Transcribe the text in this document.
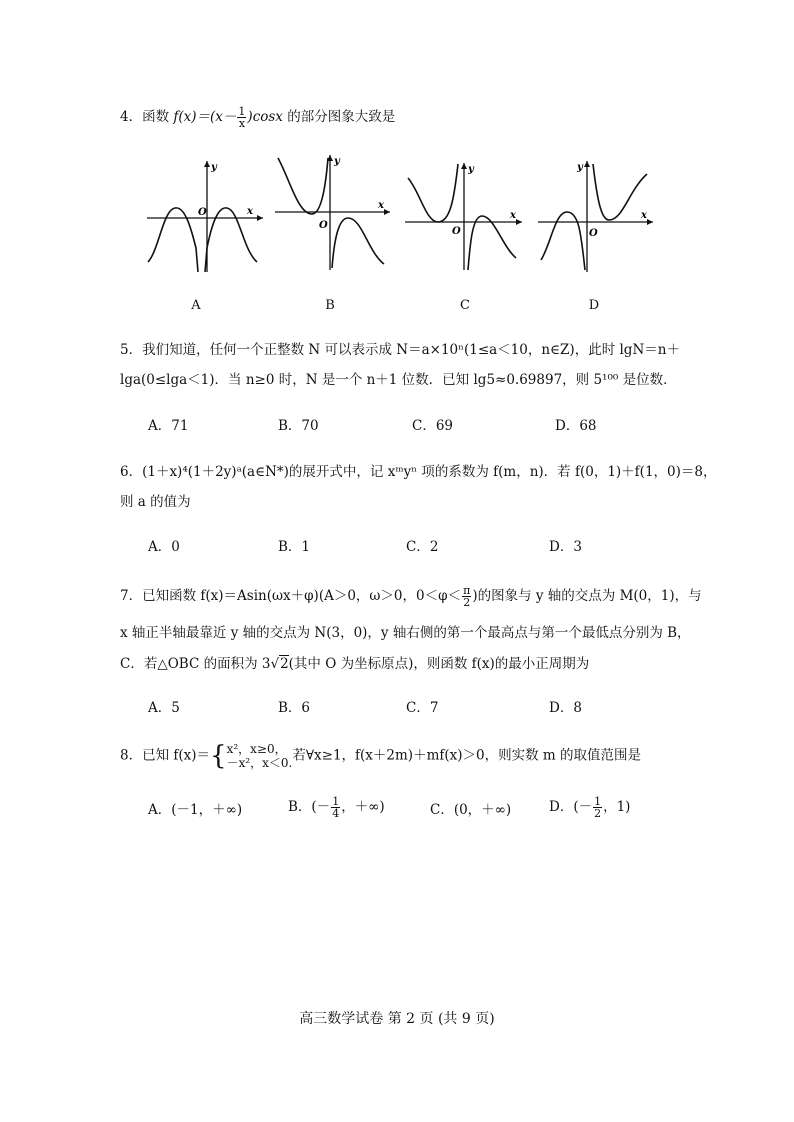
4．函数 $f(x)=(x- \frac{1}{x} )\cos x$ 的部分图象大致是
x
y
O
A
x
y
O
B
x
y
O
C
x
y
O
D
5．我们知道，任何一个正整数 N 可以表示成 N＝a×10ⁿ(1≤a＜10，n∈Z)，此时 lgN＝n＋
lga(0≤lga＜1)．当 n≥0 时，N 是一个 n＋1 位数．已知 lg5≈0.69897，则 5¹⁰⁰ 是位数．
A．71	B．70	C．69	D．68
6．(1＋x)⁴(1＋2y)ᵃ(a∈N*)的展开式中，记 xᵐyⁿ 项的系数为 f(m，n)．若 f(0，1)＋f(1，0)＝8，
则 a 的值为
A．0	B．1	C．2	D．3
7．已知函数 f(x)＝Asin(ωx＋φ)(A＞0，ω＞0，$0<\varphi< \frac{\pi}{2}$ )的图象与 y 轴的交点为 M(0，1)，与
x 轴正半轴最靠近 y 轴的交点为 N(3，0)，y 轴右侧的第一个最高点与第一个最低点分别为 B，
C．若△OBC 的面积为 3√2(其中 O 为坐标原点)，则函数 f(x)的最小正周期为
A．5	B．6	C．7	D．8
8．已知 f(x)＝{ x²，x≥0，
－x²，x＜0. 若∀x≥1，f(x＋2m)＋mf(x)＞0，则实数 m 的取值范围是
A．(－1，＋∞)	B．(－ $\frac{1}{4}$ ，＋∞)	C．(0，＋∞)	D．(－ $\frac{1}{2}$ ，1)
高三数学试卷 第 2 页 (共 9 页)
